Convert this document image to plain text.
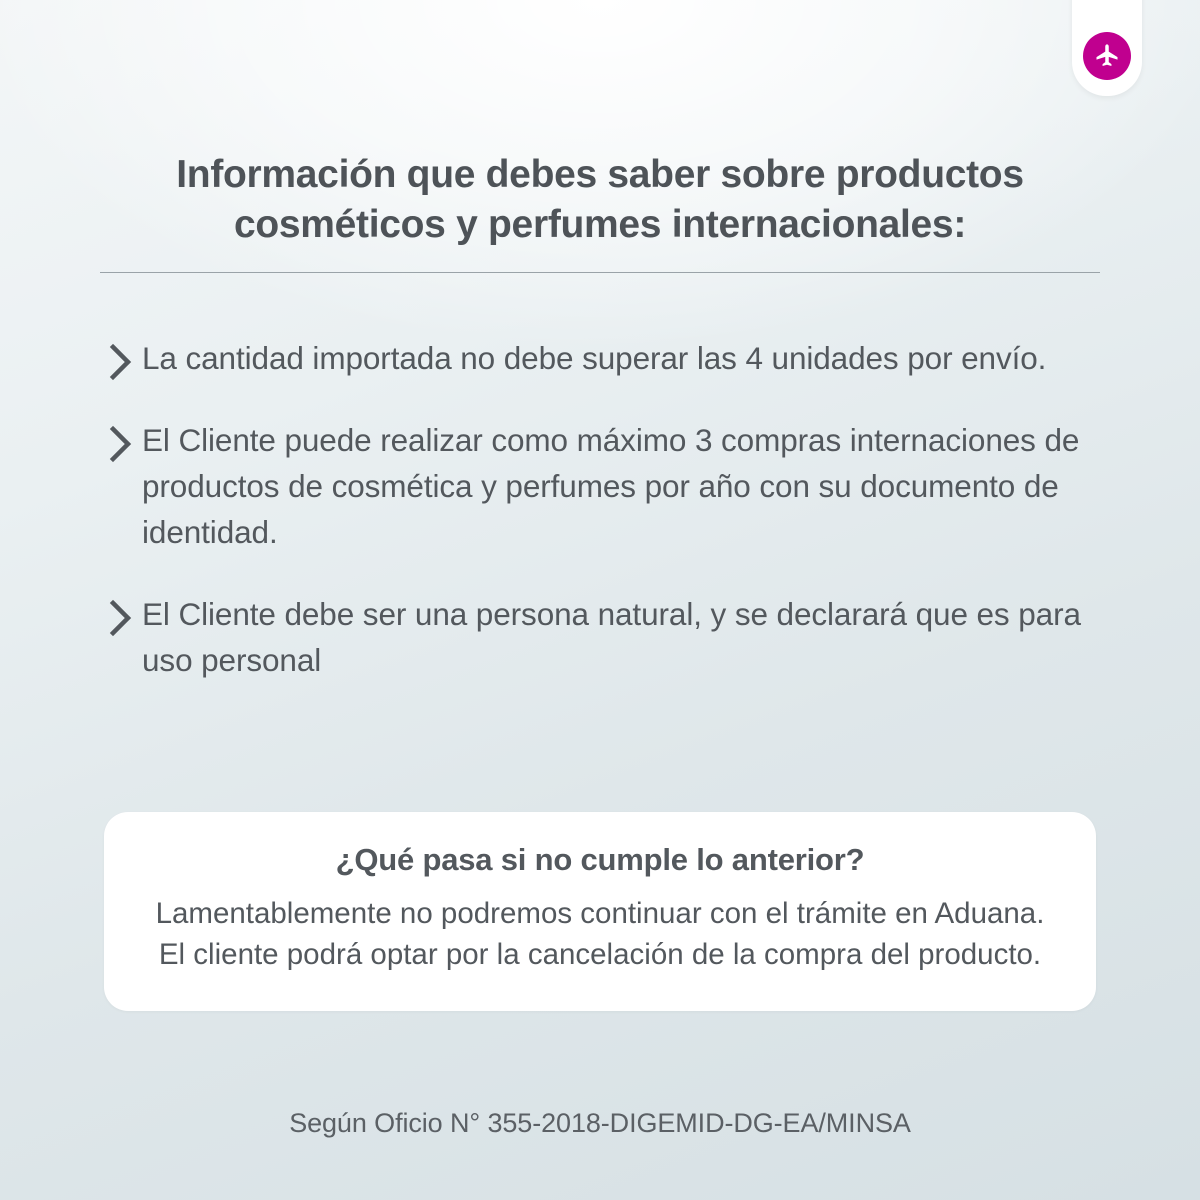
Información que debes saber sobre productos
cosméticos y perfumes internacionales:
La cantidad importada no debe superar las 4 unidades por envío.
El Cliente puede realizar como máximo 3 compras internaciones de productos de cosmética y perfumes por año con su documento de identidad.
El Cliente debe ser una persona natural, y se declarará que es para uso personal

¿Qué pasa si no cumple lo anterior?

Lamentablemente no podremos continuar con el trámite en Aduana. El cliente podrá optar por la cancelación de la compra del producto.

Según Oficio N° 355-2018-DIGEMID-DG-EA/MINSA
